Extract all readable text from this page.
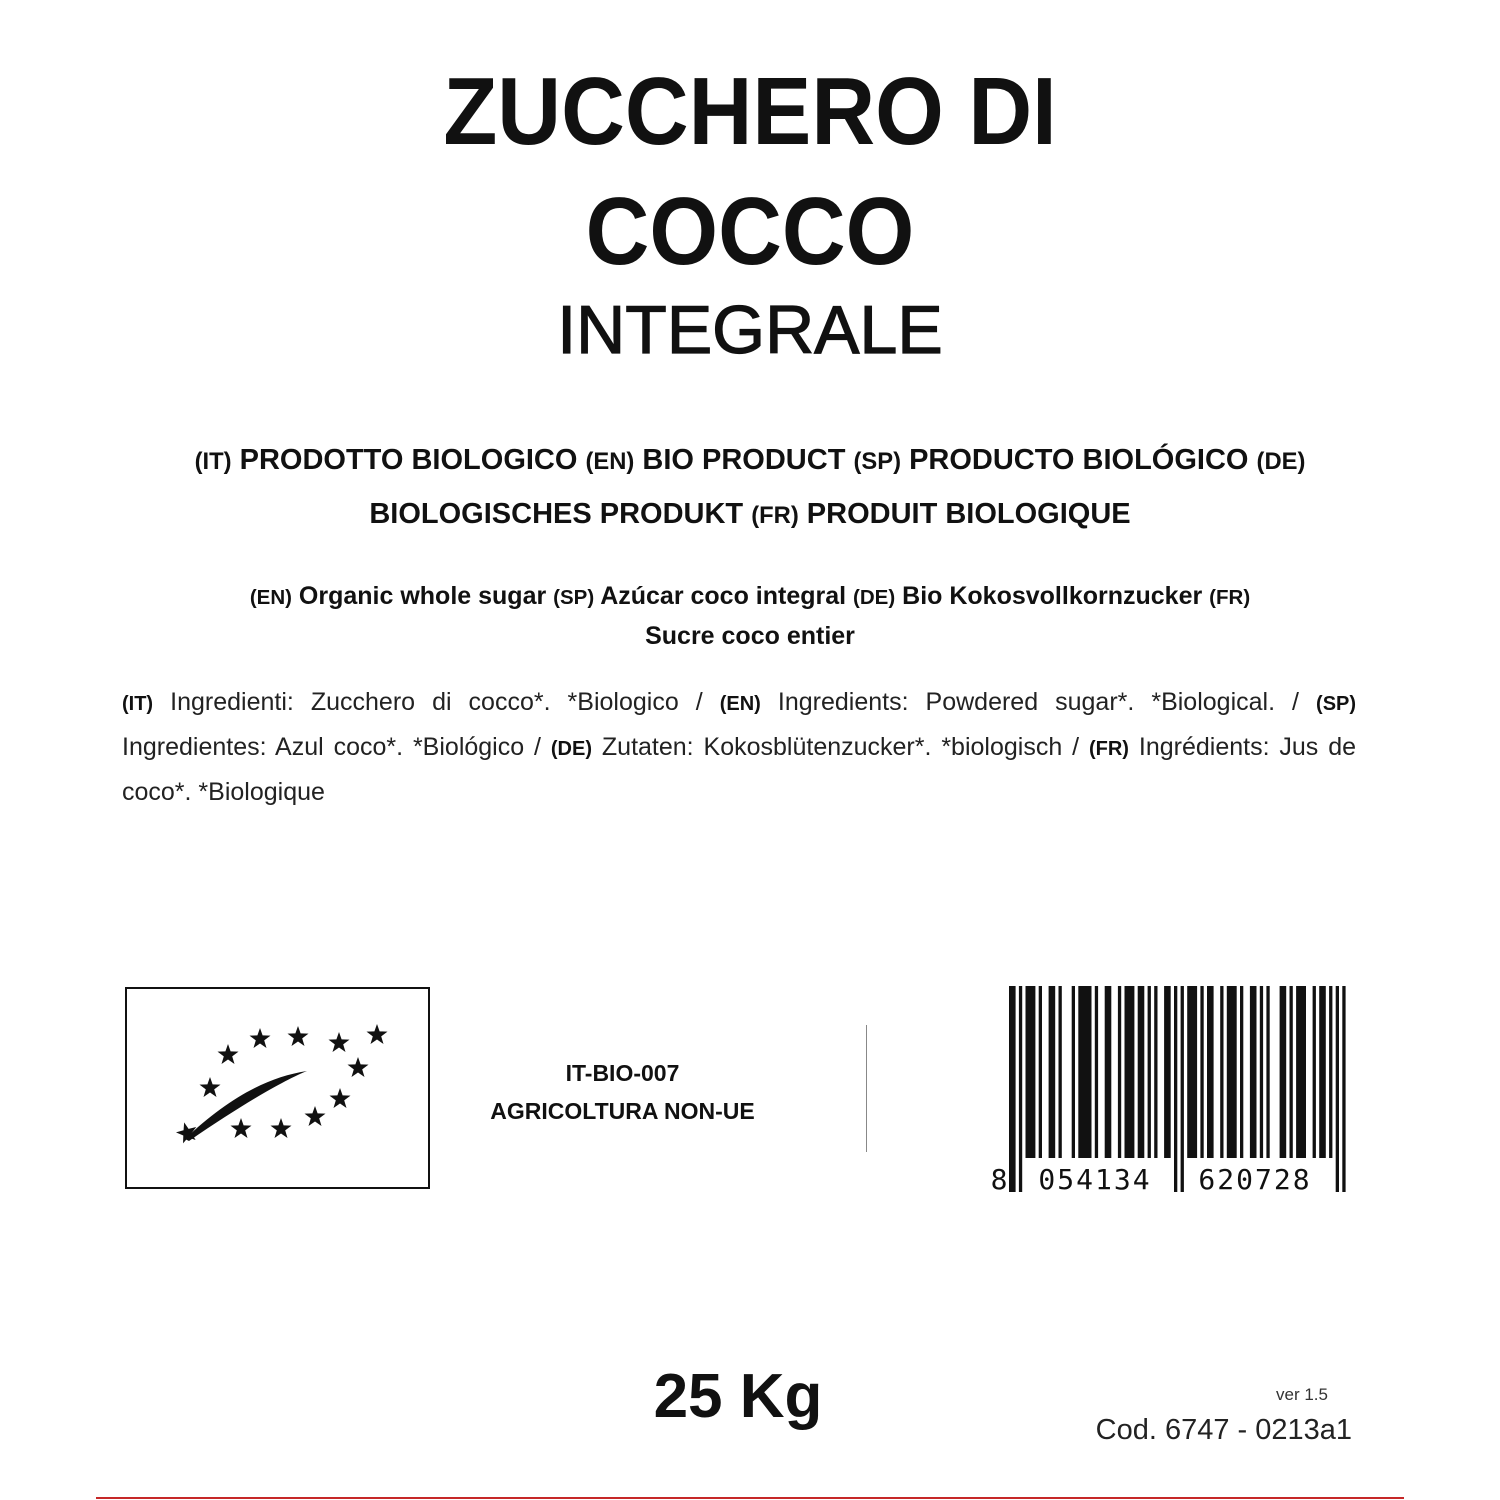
ZUCCHERO DI
COCCO
INTEGRALE
(IT) PRODOTTO BIOLOGICO (EN) BIO PRODUCT (SP) PRODUCTO BIOLÓGICO (DE) BIOLOGISCHES PRODUKT (FR) PRODUIT BIOLOGIQUE
(EN) Organic whole sugar (SP) Azúcar coco integral (DE) Bio Kokosvollkornzucker (FR)
Sucre coco entier
(IT) Ingredienti: Zucchero di cocco*. *Biologico / (EN) Ingredients: Powdered sugar*. *Biological. / (SP) Ingredientes: Azul coco*. *Biológico / (DE) Zutaten: Kokosblütenzucker*. *biologisch / (FR) Ingrédients: Jus de coco*. *Biologique
IT-BIO-007
AGRICOLTURA NON-UE
8 054134 620728
25 Kg	ver 1.5
Cod. 6747 - 0213a1
